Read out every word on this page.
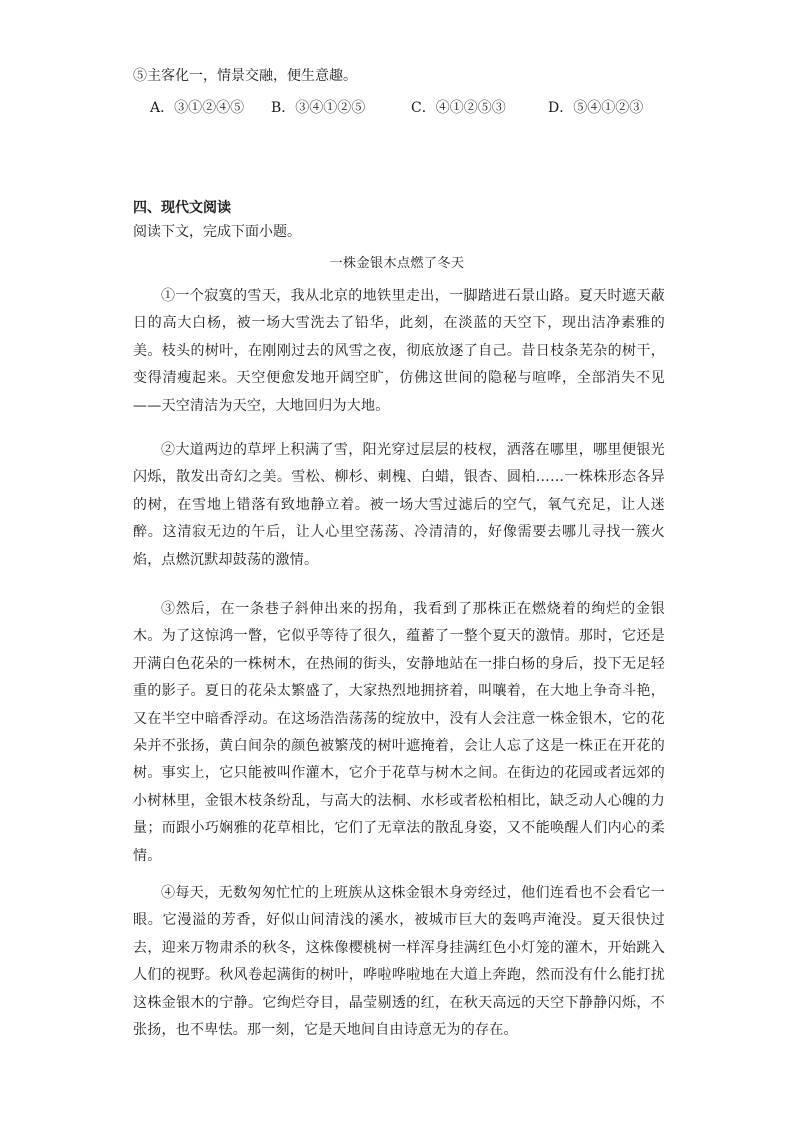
⑤主客化一，情景交融，便生意趣。
A．③①②④⑤ B．③④①②⑤	C．④①②⑤③	D．⑤④①②③
四、现代文阅读
阅读下文，完成下面小题。
一株金银木点燃了冬天
①一个寂寞的雪天，我从北京的地铁里走出，一脚踏进石景山路。夏天时遮天蔽日的高大白杨，被一场大雪洗去了铅华，此刻，在淡蓝的天空下，现出洁净素雅的美。枝头的树叶，在刚刚过去的风雪之夜，彻底放逐了自己。昔日枝条芜杂的树干，变得清瘦起来。天空便愈发地开阔空旷，仿佛这世间的隐秘与喧哗，全部消失不见——天空清洁为天空，大地回归为大地。
②大道两边的草坪上积满了雪，阳光穿过层层的枝杈，洒落在哪里，哪里便银光闪烁，散发出奇幻之美。雪松、柳杉、刺槐、白蜡，银杏、圆柏……一株株形态各异的树，在雪地上错落有致地静立着。被一场大雪过滤后的空气，氧气充足，让人迷醉。这清寂无边的午后，让人心里空荡荡、冷清清的，好像需要去哪儿寻找一簇火焰，点燃沉默却鼓荡的激情。
③然后，在一条巷子斜伸出来的拐角，我看到了那株正在燃烧着的绚烂的金银木。为了这惊鸿一瞥，它似乎等待了很久，蕴蓄了一整个夏天的激情。那时，它还是开满白色花朵的一株树木，在热闹的街头，安静地站在一排白杨的身后，投下无足轻重的影子。夏日的花朵太繁盛了，大家热烈地拥挤着，叫嚷着，在大地上争奇斗艳，又在半空中暗香浮动。在这场浩浩荡荡的绽放中，没有人会注意一株金银木，它的花朵并不张扬，黄白间杂的颜色被繁茂的树叶遮掩着，会让人忘了这是一株正在开花的树。事实上，它只能被叫作灌木，它介于花草与树木之间。在街边的花园或者远郊的小树林里，金银木枝条纷乱，与高大的法桐、水杉或者松柏相比，缺乏动人心魄的力量；而跟小巧娴雅的花草相比，它们了无章法的散乱身姿，又不能唤醒人们内心的柔情。
④每天，无数匆匆忙忙的上班族从这株金银木身旁经过，他们连看也不会看它一眼。它漫溢的芳香，好似山间清浅的溪水，被城市巨大的轰鸣声淹没。夏天很快过去，迎来万物肃杀的秋冬，这株像樱桃树一样浑身挂满红色小灯笼的灌木，开始跳入人们的视野。秋风卷起满街的树叶，哗啦哗啦地在大道上奔跑，然而没有什么能打扰这株金银木的宁静。它绚烂夺目，晶莹剔透的红，在秋天高远的天空下静静闪烁，不张扬，也不卑怯。那一刻，它是天地间自由诗意无为的存在。
